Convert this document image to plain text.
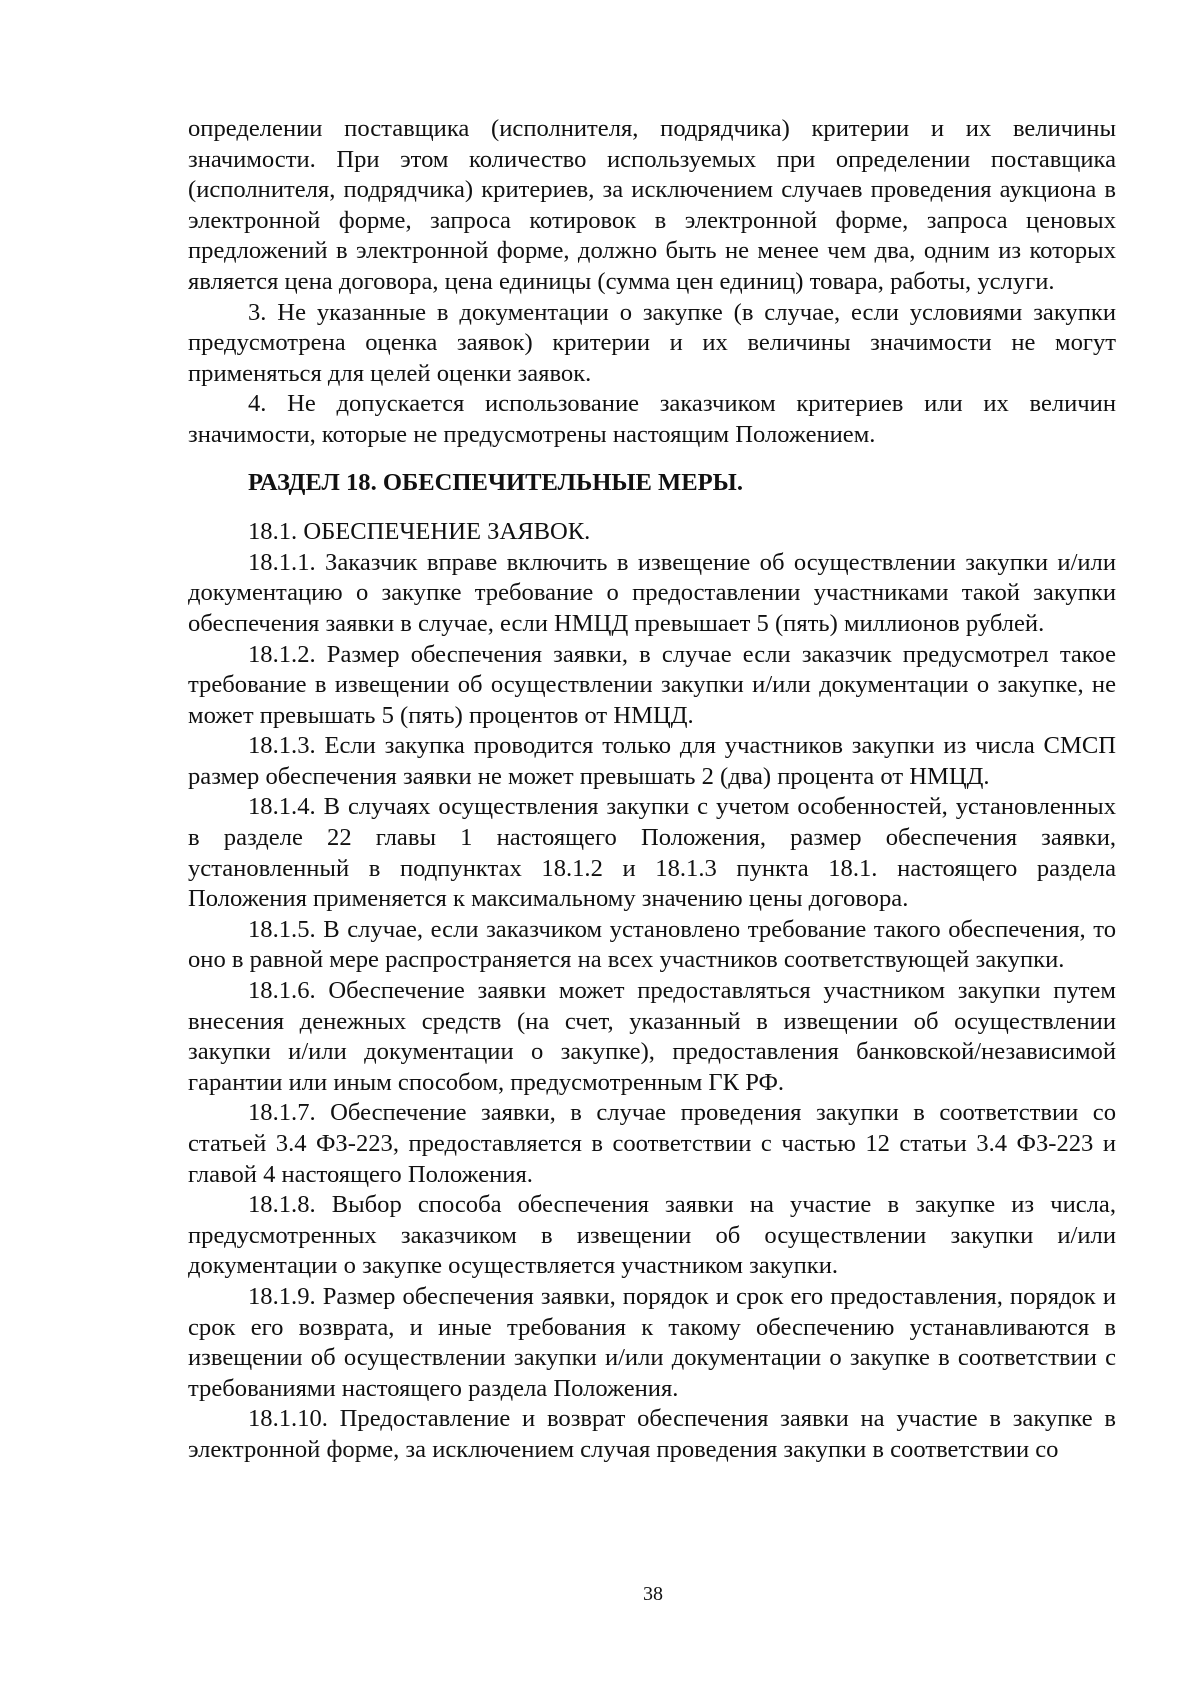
определении поставщика (исполнителя, подрядчика) критерии и их величины значимости. При этом количество используемых при определении поставщика (исполнителя, подрядчика) критериев, за исключением случаев проведения аукциона в электронной форме, запроса котировок в электронной форме, запроса ценовых предложений в электронной форме, должно быть не менее чем два, одним из которых является цена договора, цена единицы (сумма цен единиц) товара, работы, услуги.

3. Не указанные в документации о закупке (в случае, если условиями закупки предусмотрена оценка заявок) критерии и их величины значимости не могут применяться для целей оценки заявок.

4. Не допускается использование заказчиком критериев или их величин значимости, которые не предусмотрены настоящим Положением.

РАЗДЕЛ 18. ОБЕСПЕЧИТЕЛЬНЫЕ МЕРЫ.

18.1. ОБЕСПЕЧЕНИЕ ЗАЯВОК.

18.1.1. Заказчик вправе включить в извещение об осуществлении закупки и/или документацию о закупке требование о предоставлении участниками такой закупки обеспечения заявки в случае, если НМЦД превышает 5 (пять) миллионов рублей.

18.1.2. Размер обеспечения заявки, в случае если заказчик предусмотрел такое требование в извещении об осуществлении закупки и/или документации о закупке, не может превышать 5 (пять) процентов от НМЦД.

18.1.3. Если закупка проводится только для участников закупки из числа СМСП размер обеспечения заявки не может превышать 2 (два) процента от НМЦД.

18.1.4. В случаях осуществления закупки с учетом особенностей, установленных в разделе 22 главы 1 настоящего Положения, размер обеспечения заявки, установленный в подпунктах 18.1.2 и 18.1.3 пункта 18.1. настоящего раздела Положения применяется к максимальному значению цены договора.

18.1.5. В случае, если заказчиком установлено требование такого обеспечения, то оно в равной мере распространяется на всех участников соответствующей закупки.

18.1.6. Обеспечение заявки может предоставляться участником закупки путем внесения денежных средств (на счет, указанный в извещении об осуществлении закупки и/или документации о закупке), предоставления банковской/независимой гарантии или иным способом, предусмотренным ГК РФ.

18.1.7. Обеспечение заявки, в случае проведения закупки в соответствии со статьей 3.4 ФЗ-223, предоставляется в соответствии с частью 12 статьи 3.4 ФЗ-223 и главой 4 настоящего Положения.

18.1.8. Выбор способа обеспечения заявки на участие в закупке из числа, предусмотренных заказчиком в извещении об осуществлении закупки и/или документации о закупке осуществляется участником закупки.

18.1.9. Размер обеспечения заявки, порядок и срок его предоставления, порядок и срок его возврата, и иные требования к такому обеспечению устанавливаются в извещении об осуществлении закупки и/или документации о закупке в соответствии с требованиями настоящего раздела Положения.

18.1.10. Предоставление и возврат обеспечения заявки на участие в закупке в электронной форме, за исключением случая проведения закупки в соответствии со

38
